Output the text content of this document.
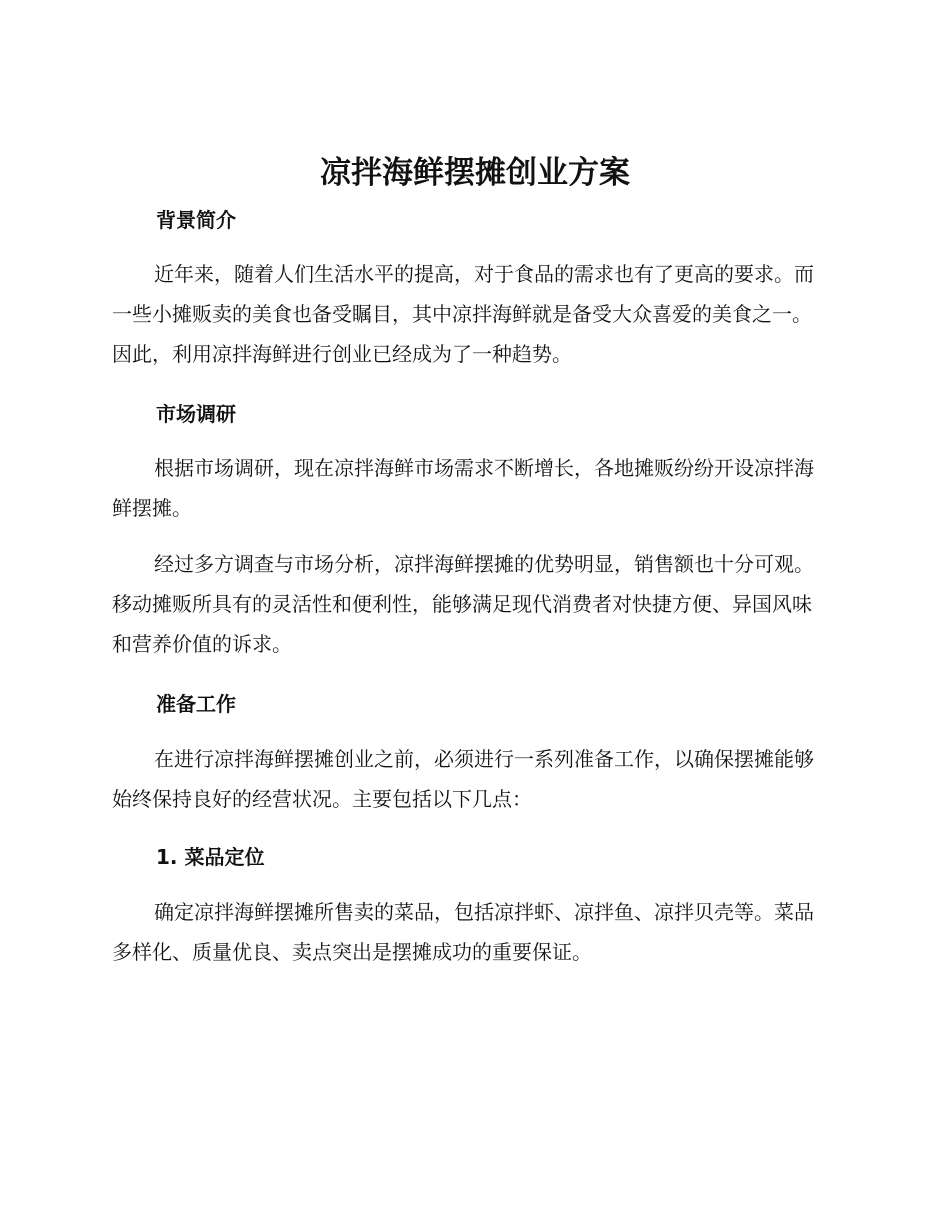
凉拌海鲜摆摊创业方案
背景简介

近年来，随着人们生活水平的提高，对于食品的需求也有了更高的要求。而一些小摊贩卖的美食也备受瞩目，其中凉拌海鲜就是备受大众喜爱的美食之一。因此，利用凉拌海鲜进行创业已经成为了一种趋势。

市场调研

根据市场调研，现在凉拌海鲜市场需求不断增长，各地摊贩纷纷开设凉拌海鲜摆摊。

经过多方调查与市场分析，凉拌海鲜摆摊的优势明显，销售额也十分可观。移动摊贩所具有的灵活性和便利性，能够满足现代消费者对快捷方便、异国风味和营养价值的诉求。

准备工作

在进行凉拌海鲜摆摊创业之前，必须进行一系列准备工作，以确保摆摊能够始终保持良好的经营状况。主要包括以下几点：

1. 菜品定位

确定凉拌海鲜摆摊所售卖的菜品，包括凉拌虾、凉拌鱼、凉拌贝壳等。菜品多样化、质量优良、卖点突出是摆摊成功的重要保证。
